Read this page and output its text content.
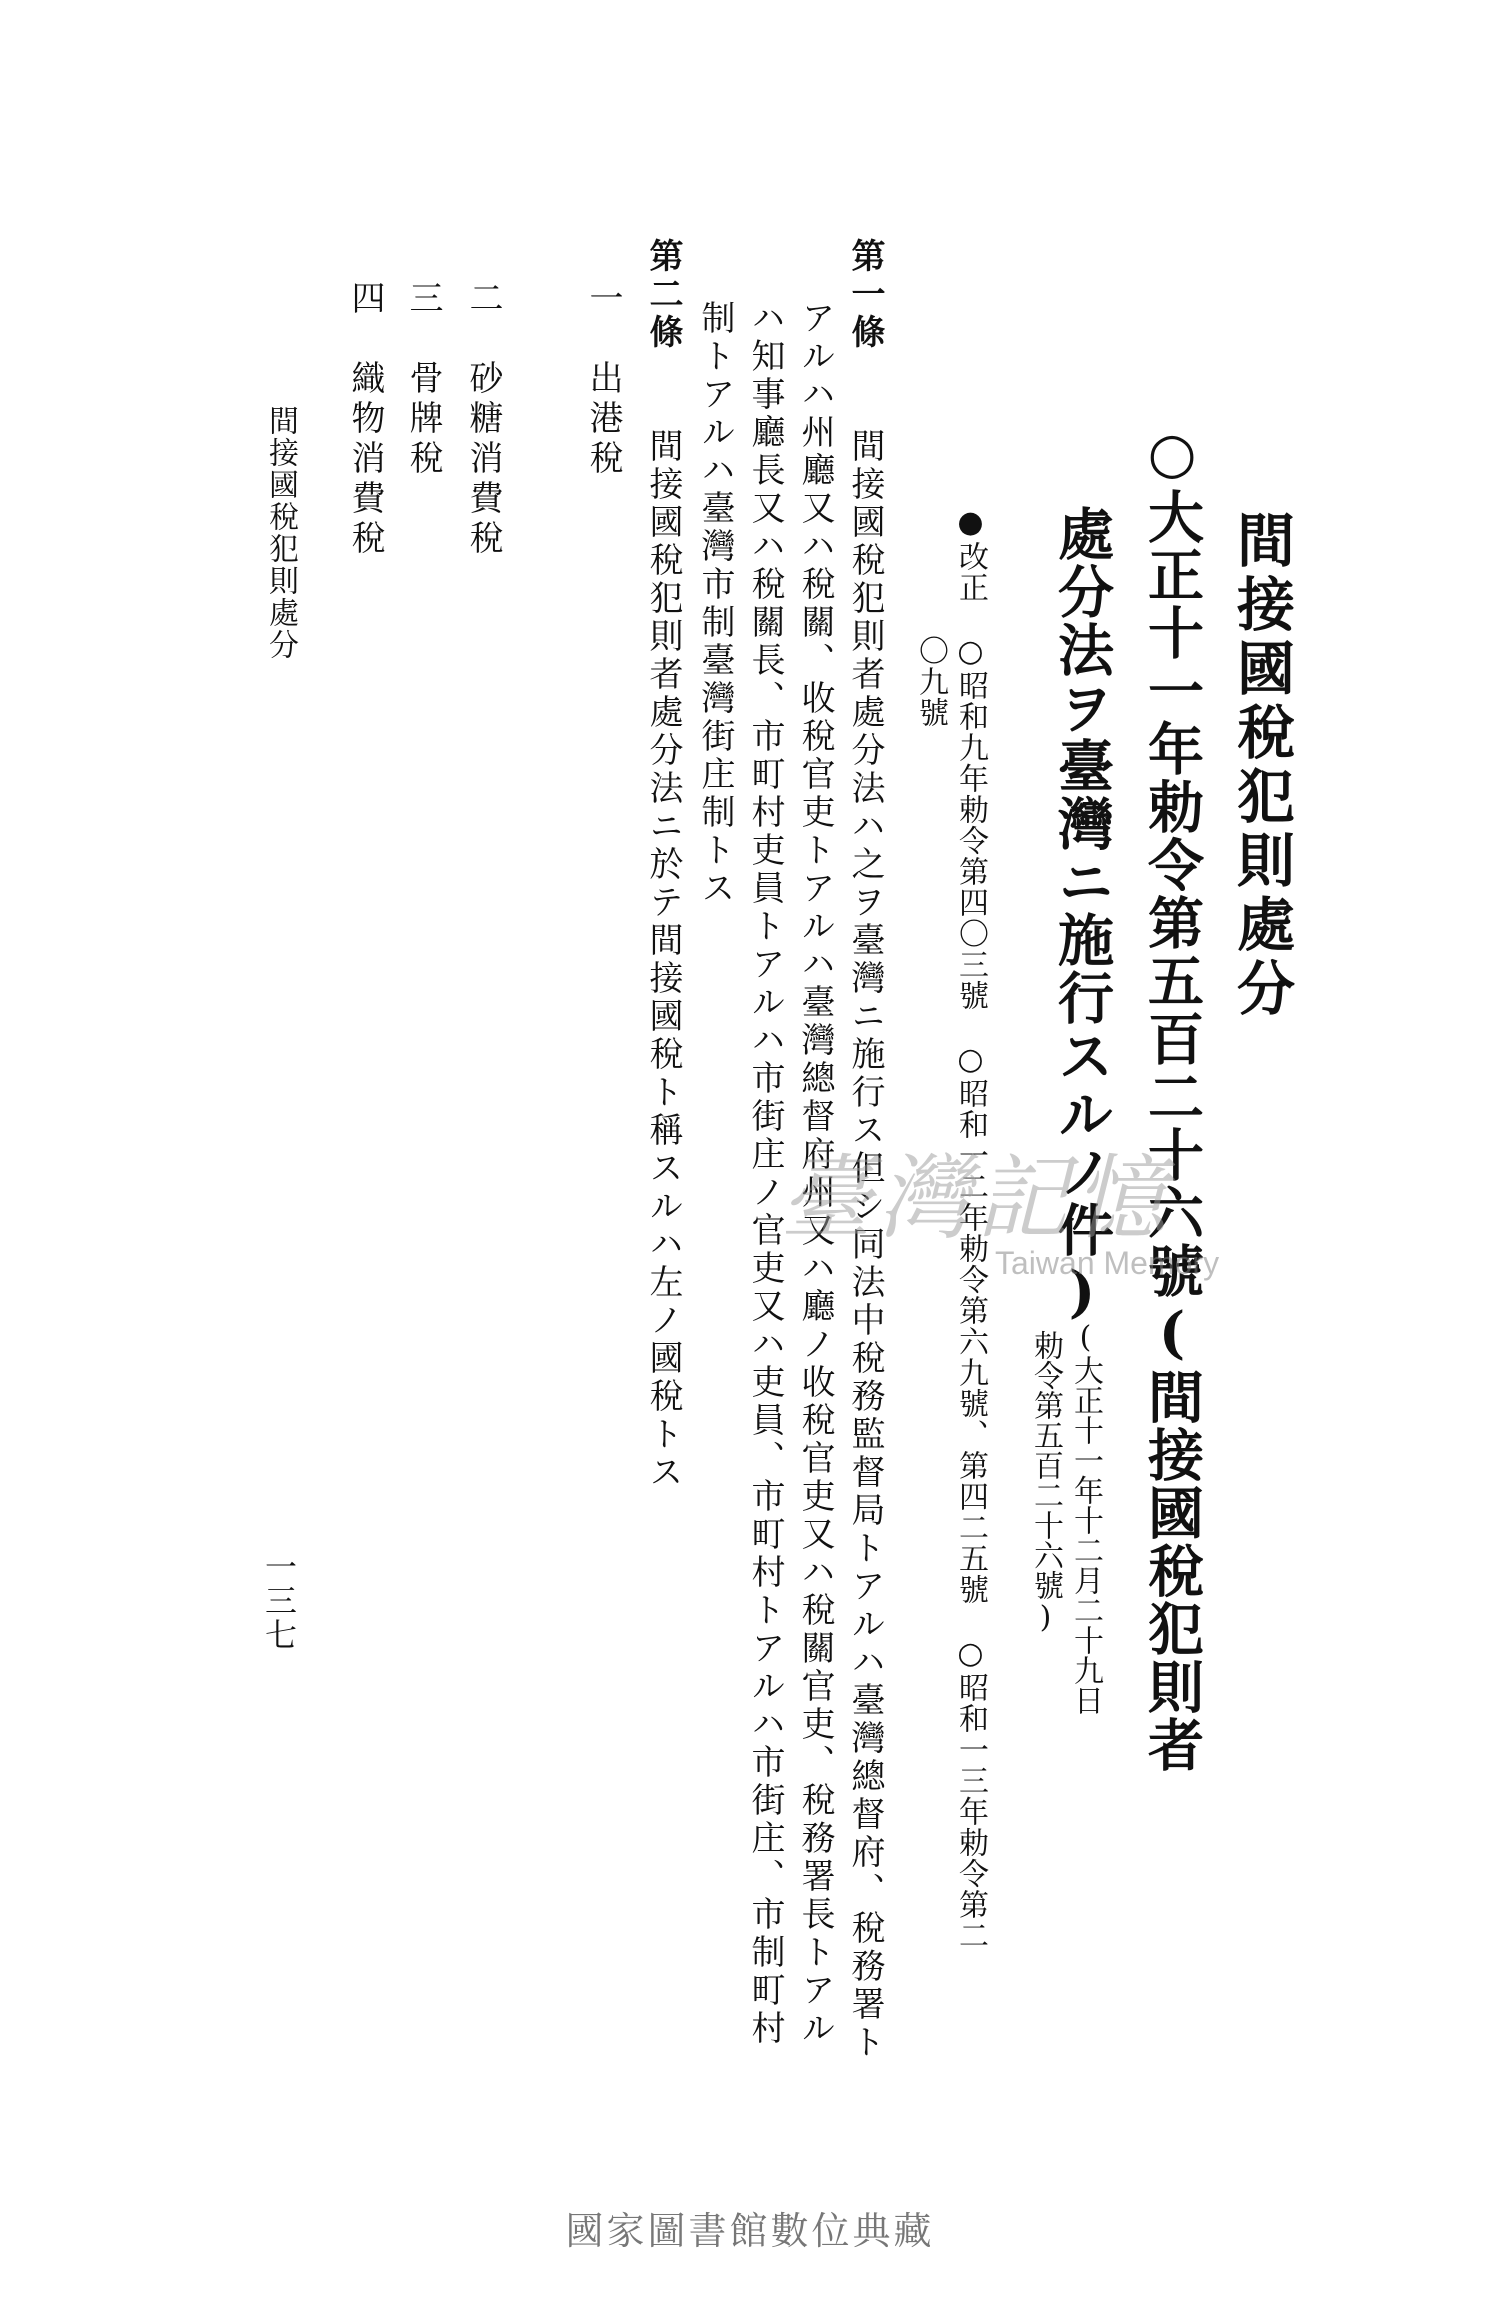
間接國稅犯則處分
○大正十一年勅令第五百二十六號(間接國稅犯則者
處分法ヲ臺灣ニ施行スルノ件)
(大正十一年十二月二十九日
勅令第五百二十六號)
●改正　○昭和九年勅令第四〇三號　○昭和一二年勅令第六九號、第四二五號　○昭和一三年勅令第二
〇九號
第一條 間接國稅犯則者處分法ハ之ヲ臺灣ニ施行ス但シ同法中稅務監督局トアルハ臺灣總督府、稅務署ト
アルハ州廳又ハ稅關、收稅官吏トアルハ臺灣總督府州又ハ廳ノ收稅官吏又ハ稅關官吏、稅務署長トアル
ハ知事廳長又ハ稅關長、市町村吏員トアルハ市街庄ノ官吏又ハ吏員、市町村トアルハ市街庄、市制町村
制トアルハ臺灣市制臺灣街庄制トス
第二條 間接國稅犯則者處分法ニ於テ間接國稅ト稱スルハ左ノ國稅トス
一出港稅
二砂糖消費稅
三骨牌稅
四織物消費稅
間接國稅犯則處分
一三七
臺灣記憶
Taiwan Memory
國家圖書館數位典藏
